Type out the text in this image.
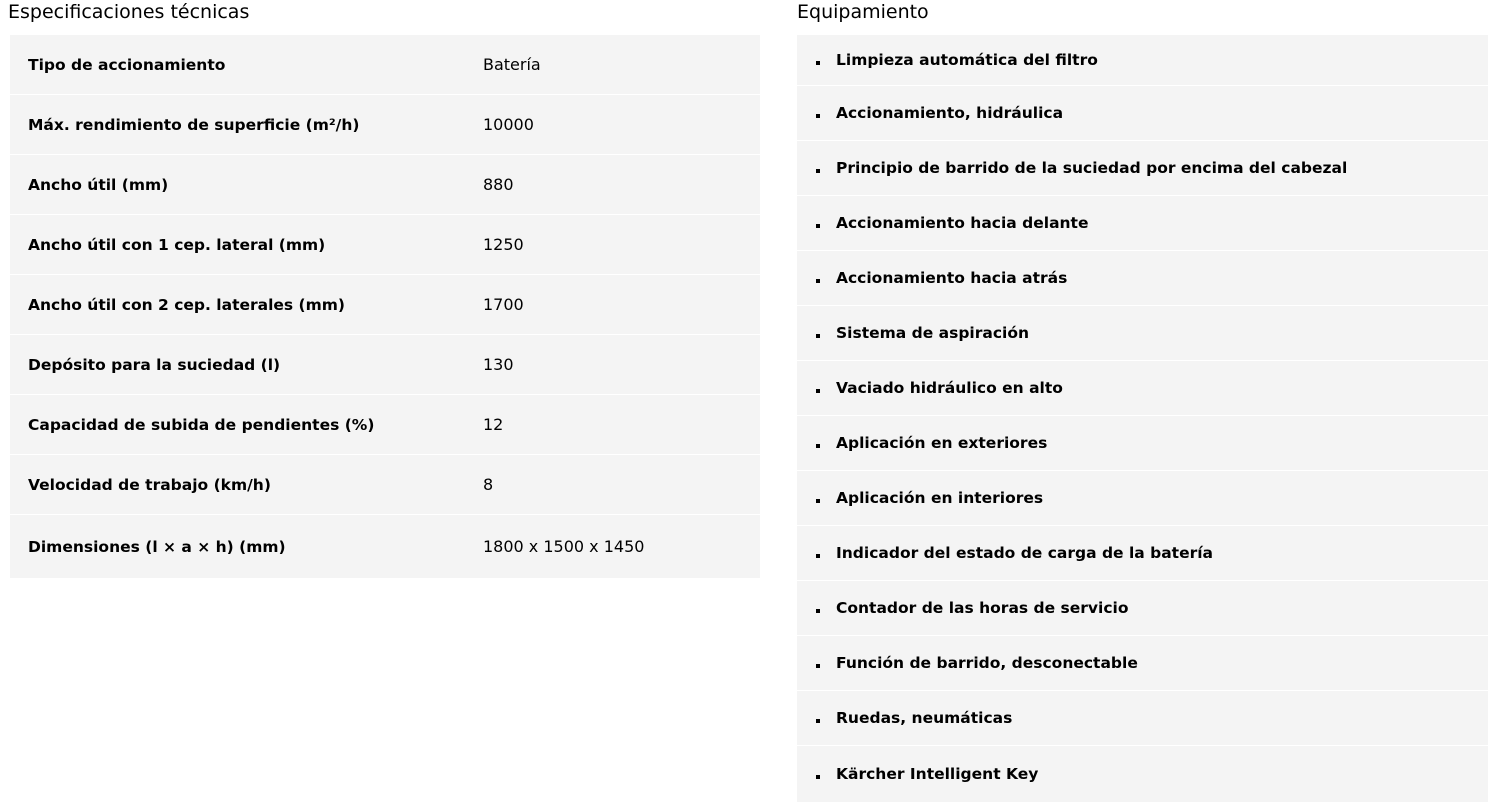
Especificaciones técnicas
Tipo de accionamiento	Batería
Máx. rendimiento de superficie (m²/h)	10000
Ancho útil (mm)	880
Ancho útil con 1 cep. lateral (mm)	1250
Ancho útil con 2 cep. laterales (mm)	1700
Depósito para la suciedad (l)	130
Capacidad de subida de pendientes (%)	12
Velocidad de trabajo (km/h)	8
Dimensiones (l × a × h) (mm)	1800 x 1500 x 1450
Equipamiento
Limpieza automática del filtro
Accionamiento, hidráulica
Principio de barrido de la suciedad por encima del cabezal
Accionamiento hacia delante
Accionamiento hacia atrás
Sistema de aspiración
Vaciado hidráulico en alto
Aplicación en exteriores
Aplicación en interiores
Indicador del estado de carga de la batería
Contador de las horas de servicio
Función de barrido, desconectable
Ruedas, neumáticas
Kärcher Intelligent Key
